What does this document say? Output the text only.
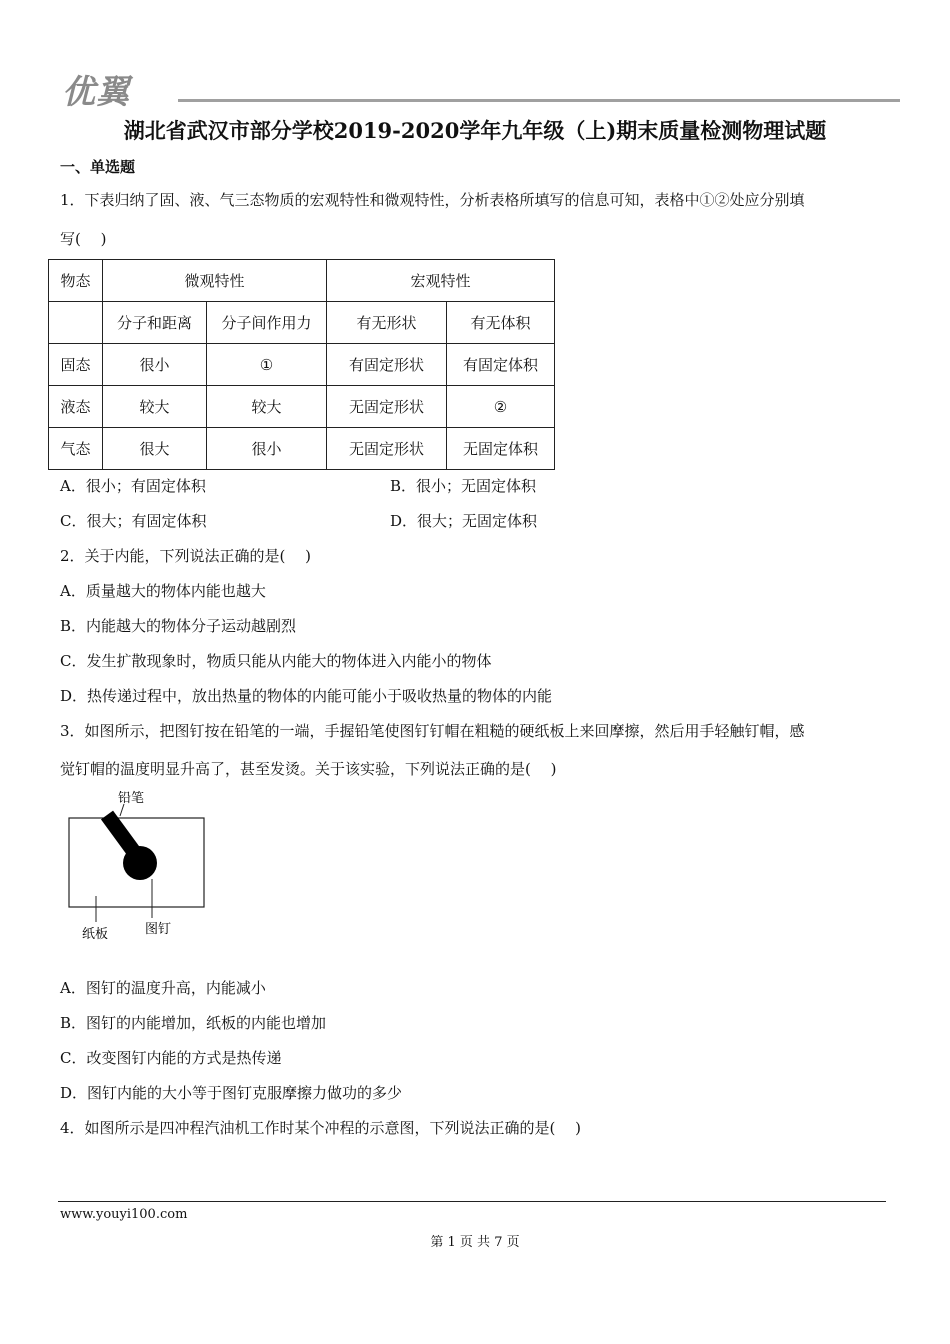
优翼
湖北省武汉市部分学校2019-2020学年九年级（上)期末质量检测物理试题
一、单选题
1．下表归纳了固、液、气三态物质的宏观特性和微观特性，分析表格所填写的信息可知，表格中①②处应分别填
写(　 )
物态	微观特性		宏观特性	
	分子和距离	分子间作用力	有无形状	有无体积
固态	很小	①	有固定形状	有固定体积
液态	较大	较大	无固定形状	②
气态	很大	很小	无固定形状	无固定体积
A．很小；有固定体积	B．很小；无固定体积
C．很大；有固定体积	D．很大；无固定体积
2．关于内能，下列说法正确的是(　 )
A．质量越大的物体内能也越大
B．内能越大的物体分子运动越剧烈
C．发生扩散现象时，物质只能从内能大的物体进入内能小的物体
D．热传递过程中，放出热量的物体的内能可能小于吸收热量的物体的内能
3．如图所示，把图钉按在铅笔的一端，手握铅笔使图钉钉帽在粗糙的硬纸板上来回摩擦，然后用手轻触钉帽，感
觉钉帽的温度明显升高了，甚至发烫。关于该实验，下列说法正确的是(　 )
铅笔
纸板	图钉
A．图钉的温度升高，内能减小
B．图钉的内能增加，纸板的内能也增加
C．改变图钉内能的方式是热传递
D．图钉内能的大小等于图钉克服摩擦力做功的多少
4．如图所示是四冲程汽油机工作时某个冲程的示意图，下列说法正确的是(　 )
www.youyi100.com
第 1 页 共 7 页
